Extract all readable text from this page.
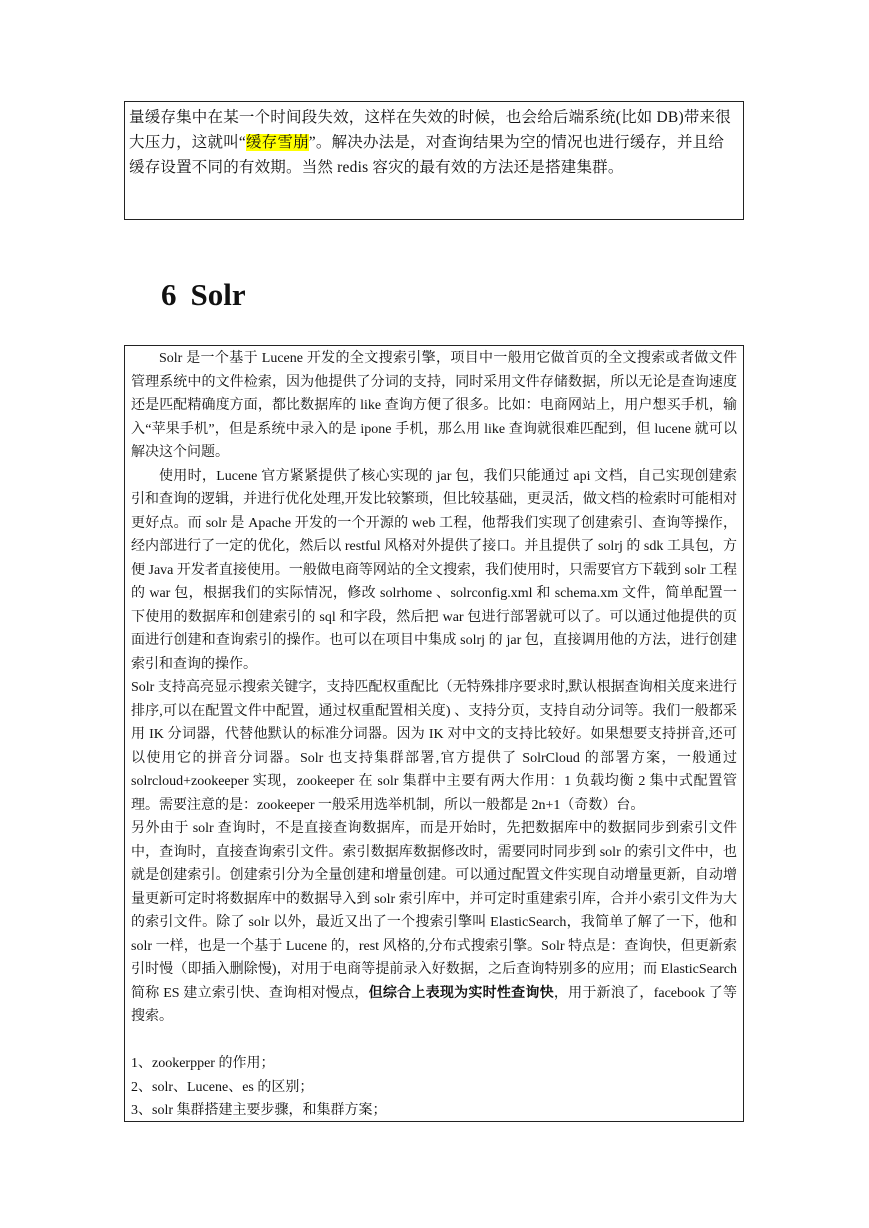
量缓存集中在某一个时间段失效，这样在失效的时候，也会给后端系统(比如 DB)带来很大压力，这就叫“缓存雪崩”。解决办法是，对查询结果为空的情况也进行缓存，并且给缓存设置不同的有效期。当然 redis 容灾的最有效的方法还是搭建集群。

6 Solr

Solr 是一个基于 Lucene 开发的全文搜索引擎，项目中一般用它做首页的全文搜索或者做文件管理系统中的文件检索，因为他提供了分词的支持，同时采用文件存储数据，所以无论是查询速度还是匹配精确度方面，都比数据库的 like 查询方便了很多。比如：电商网站上，用户想买手机，输入“苹果手机”，但是系统中录入的是 ipone 手机，那么用 like 查询就很难匹配到，但 lucene 就可以解决这个问题。

使用时，Lucene 官方紧紧提供了核心实现的 jar 包，我们只能通过 api 文档，自己实现创建索引和查询的逻辑，并进行优化处理,开发比较繁琐，但比较基础，更灵活，做文档的检索时可能相对更好点。而 solr 是 Apache 开发的一个开源的 web 工程，他帮我们实现了创建索引、查询等操作，经内部进行了一定的优化，然后以 restful 风格对外提供了接口。并且提供了 solrj 的 sdk 工具包，方便 Java 开发者直接使用。一般做电商等网站的全文搜索，我们使用时，只需要官方下载到 solr 工程的 war 包，根据我们的实际情况，修改 solrhome 、solrconfig.xml 和 schema.xm 文件，简单配置一下使用的数据库和创建索引的 sql 和字段，然后把 war 包进行部署就可以了。可以通过他提供的页面进行创建和查询索引的操作。也可以在项目中集成 solrj 的 jar 包，直接调用他的方法，进行创建索引和查询的操作。

Solr 支持高亮显示搜索关键字，支持匹配权重配比（无特殊排序要求时,默认根据查询相关度来进行排序,可以在配置文件中配置，通过权重配置相关度) 、支持分页，支持自动分词等。我们一般都采用 IK 分词器，代替他默认的标准分词器。因为 IK 对中文的支持比较好。如果想要支持拼音,还可以使用它的拼音分词器。Solr 也支持集群部署,官方提供了 SolrCloud 的部署方案，一般通过 solrcloud+zookeeper 实现，zookeeper 在 solr 集群中主要有两大作用：1 负载均衡 2 集中式配置管理。需要注意的是：zookeeper 一般采用选举机制，所以一般都是 2n+1（奇数）台。

另外由于 solr 查询时，不是直接查询数据库，而是开始时，先把数据库中的数据同步到索引文件中，查询时，直接查询索引文件。索引数据库数据修改时，需要同时同步到 solr 的索引文件中，也就是创建索引。创建索引分为全量创建和增量创建。可以通过配置文件实现自动增量更新，自动增量更新可定时将数据库中的数据导入到 solr 索引库中，并可定时重建索引库，合并小索引文件为大的索引文件。除了 solr 以外，最近又出了一个搜索引擎叫 ElasticSearch，我简单了解了一下，他和 solr 一样，也是一个基于 Lucene 的，rest 风格的,分布式搜索引擎。Solr 特点是：查询快，但更新索引时慢（即插入删除慢)，对用于电商等提前录入好数据，之后查询特别多的应用；而 ElasticSearch 简称 ES 建立索引快、查询相对慢点，但综合上表现为实时性查询快，用于新浪了，facebook 了等搜索。

1、zookerpper 的作用；

2、solr、Lucene、es 的区别；

3、solr 集群搭建主要步骤，和集群方案；
